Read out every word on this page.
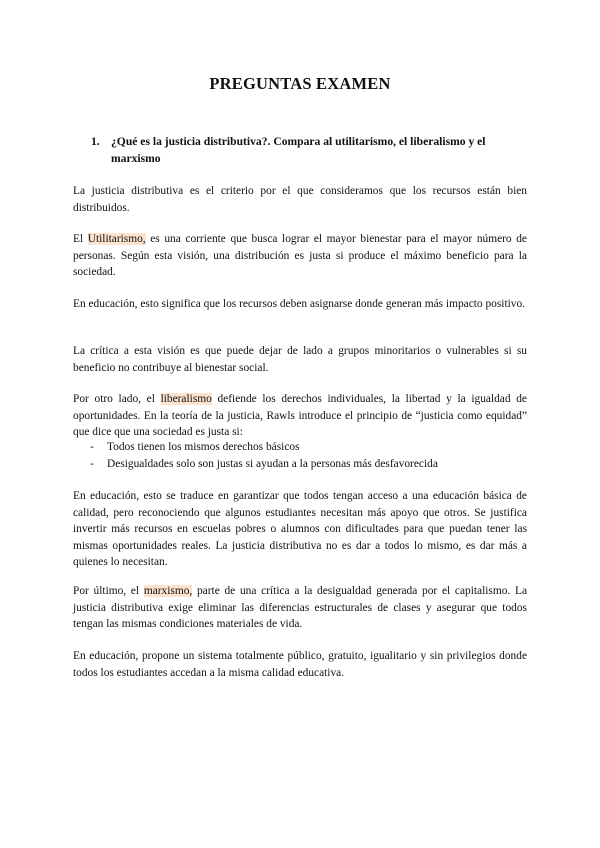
PREGUNTAS EXAMEN
1. ¿Qué es la justicia distributiva?. Compara al utilitarismo, el liberalismo y el marxismo

La justicia distributiva es el criterio por el que consideramos que los recursos están bien distribuidos.

El Utilitarismo, es una corriente que busca lograr el mayor bienestar para el mayor número de personas. Según esta visión, una distribución es justa si produce el máximo beneficio para la sociedad.

En educación, esto significa que los recursos deben asignarse donde generan más impacto positivo.

La crítica a esta visión es que puede dejar de lado a grupos minoritarios o vulnerables si su beneficio no contribuye al bienestar social.

Por otro lado, el liberalismo defiende los derechos individuales, la libertad y la igualdad de oportunidades. En la teoría de la justicia, Rawls introduce el principio de “justicia como equidad” que dice que una sociedad es justa si:

- Todos tienen los mismos derechos básicos
- Desigualdades solo son justas si ayudan a la personas más desfavorecida

En educación, esto se traduce en garantizar que todos tengan acceso a una educación básica de calidad, pero reconociendo que algunos estudiantes necesitan más apoyo que otros. Se justifica invertir más recursos en escuelas pobres o alumnos con dificultades para que puedan tener las mismas oportunidades reales. La justicia distributiva no es dar a todos lo mismo, es dar más a quienes lo necesitan.

Por último, el marxismo, parte de una crítica a la desigualdad generada por el capitalismo. La justicia distributiva exige eliminar las diferencias estructurales de clases y asegurar que todos tengan las mismas condiciones materiales de vida.

En educación, propone un sistema totalmente público, gratuito, igualitario y sin privilegios donde todos los estudiantes accedan a la misma calidad educativa.
